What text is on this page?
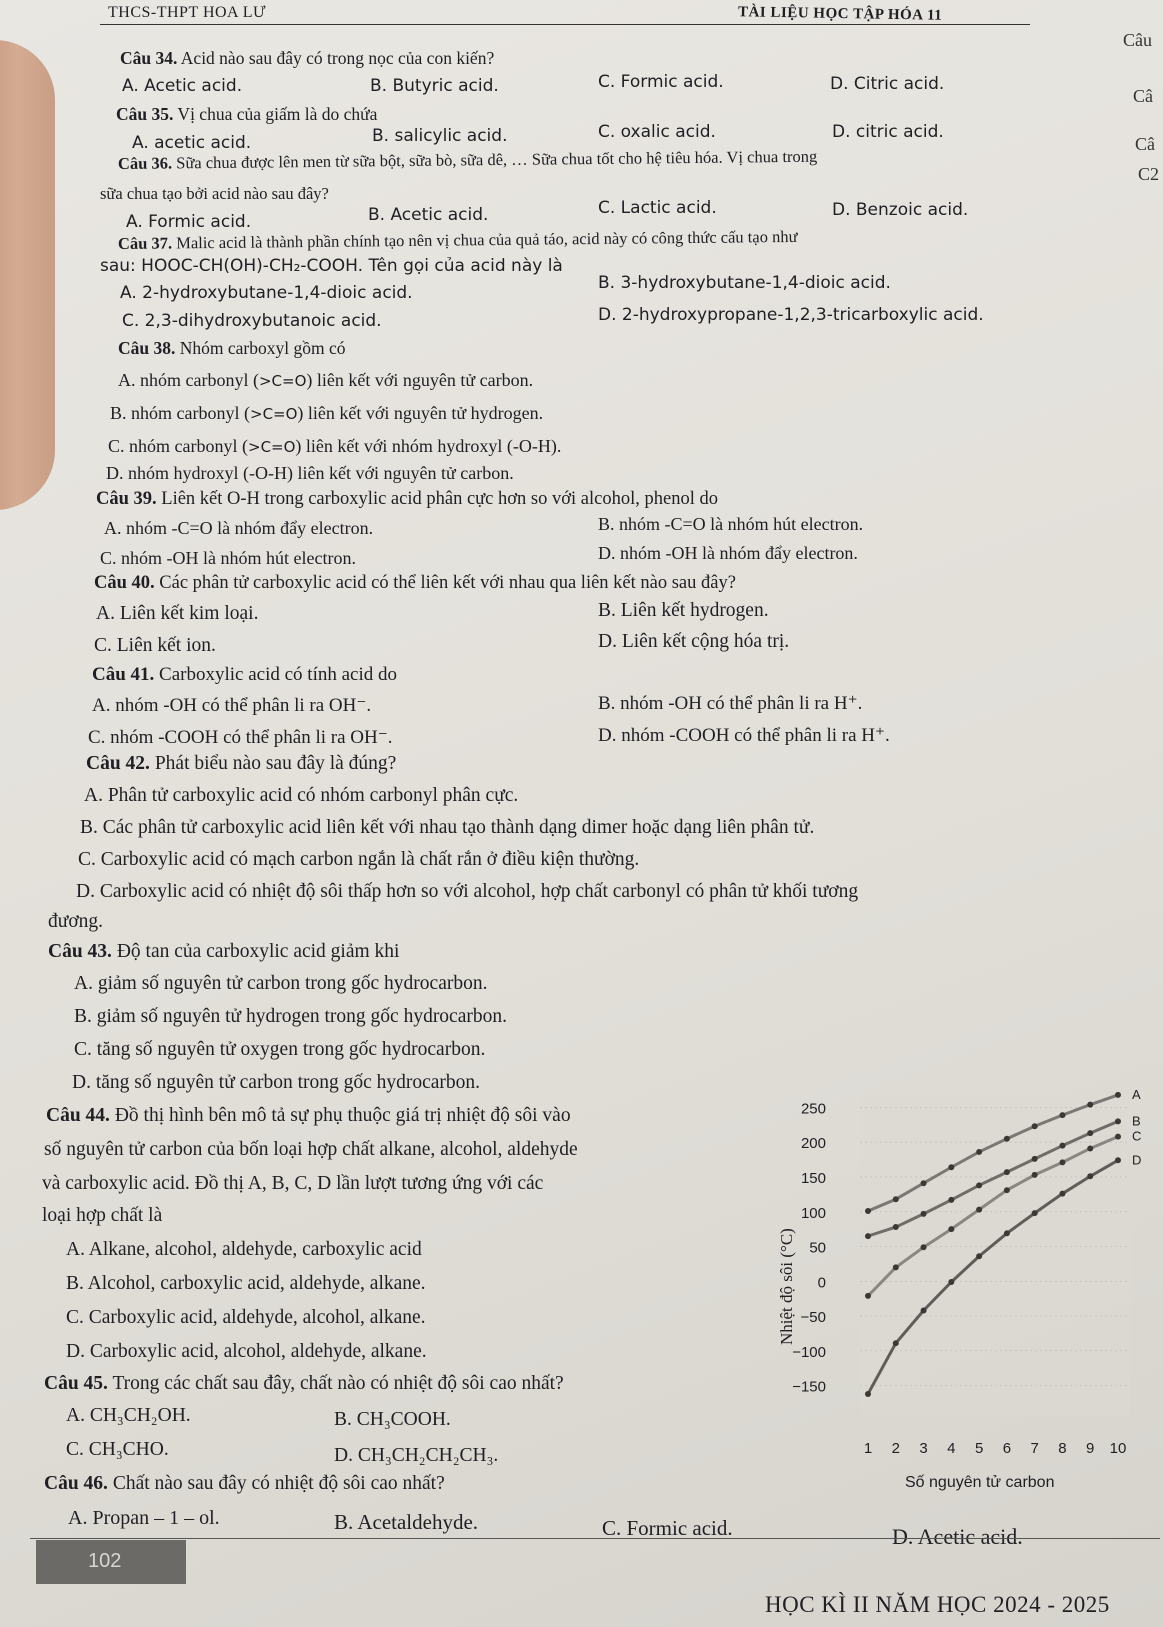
THCS-THPT HOA LƯ	TÀI LIỆU HỌC TẬP HÓA 11
Câu
Câ
Câ
C2
Câu 34. Acid nào sau đây có trong nọc của con kiến?
A. Acetic acid.	B. Butyric acid.	C. Formic acid.	D. Citric acid.
Câu 35. Vị chua của giấm là do chứa
A. acetic acid.	B. salicylic acid.	C. oxalic acid.	D. citric acid.
Câu 36. Sữa chua được lên men từ sữa bột, sữa bò, sữa dê, … Sữa chua tốt cho hệ tiêu hóa. Vị chua trong
sữa chua tạo bởi acid nào sau đây?
A. Formic acid.	B. Acetic acid.	C. Lactic acid.	D. Benzoic acid.
Câu 37. Malic acid là thành phần chính tạo nên vị chua của quả táo, acid này có công thức cấu tạo như
sau: HOOC-CH(OH)-CH₂-COOH. Tên gọi của acid này là
A. 2-hydroxybutane-1,4-dioic acid.	B. 3-hydroxybutane-1,4-dioic acid.
C. 2,3-dihydroxybutanoic acid.	D. 2-hydroxypropane-1,2,3-tricarboxylic acid.
Câu 38. Nhóm carboxyl gồm có
A. nhóm carbonyl (>C=O) liên kết với nguyên tử carbon.
B. nhóm carbonyl (>C=O) liên kết với nguyên tử hydrogen.
C. nhóm carbonyl (>C=O) liên kết với nhóm hydroxyl (-O-H).
D. nhóm hydroxyl (-O-H) liên kết với nguyên tử carbon.
Câu 39. Liên kết O-H trong carboxylic acid phân cực hơn so với alcohol, phenol do
A. nhóm -C=O là nhóm đẩy electron.	B. nhóm -C=O là nhóm hút electron.
C. nhóm -OH là nhóm hút electron.	D. nhóm -OH là nhóm đẩy electron.
Câu 40. Các phân tử carboxylic acid có thể liên kết với nhau qua liên kết nào sau đây?
A. Liên kết kim loại.	B. Liên kết hydrogen.
C. Liên kết ion.	D. Liên kết cộng hóa trị.
Câu 41. Carboxylic acid có tính acid do
A. nhóm -OH có thể phân li ra OH⁻.	B. nhóm -OH có thể phân li ra H⁺.
C. nhóm -COOH có thể phân li ra OH⁻.	D. nhóm -COOH có thể phân li ra H⁺.
Câu 42. Phát biểu nào sau đây là đúng?
A. Phân tử carboxylic acid có nhóm carbonyl phân cực.
B. Các phân tử carboxylic acid liên kết với nhau tạo thành dạng dimer hoặc dạng liên phân tử.
C. Carboxylic acid có mạch carbon ngắn là chất rắn ở điều kiện thường.
D. Carboxylic acid có nhiệt độ sôi thấp hơn so với alcohol, hợp chất carbonyl có phân tử khối tương
đương.
Câu 43. Độ tan của carboxylic acid giảm khi
A. giảm số nguyên tử carbon trong gốc hydrocarbon.
B. giảm số nguyên tử hydrogen trong gốc hydrocarbon.
C. tăng số nguyên tử oxygen trong gốc hydrocarbon.
D. tăng số nguyên tử carbon trong gốc hydrocarbon.
Câu 44. Đồ thị hình bên mô tả sự phụ thuộc giá trị nhiệt độ sôi vào
số nguyên tử carbon của bốn loại hợp chất alkane, alcohol, aldehyde
và carboxylic acid. Đồ thị A, B, C, D lần lượt tương ứng với các
loại hợp chất là
A. Alkane, alcohol, aldehyde, carboxylic acid
B. Alcohol, carboxylic acid, aldehyde, alkane.
C. Carboxylic acid, aldehyde, alcohol, alkane.
D. Carboxylic acid, alcohol, aldehyde, alkane.
Câu 45. Trong các chất sau đây, chất nào có nhiệt độ sôi cao nhất?
A. CH₃CH₂OH.	B. CH₃COOH.
C. CH₃CHO.	D. CH₃CH₂CH₂CH₃.
Câu 46. Chất nào sau đây có nhiệt độ sôi cao nhất?
A. Propan – 1 – ol.	B. Acetaldehyde.	C. Formic acid.	D. Acetic acid.
250
200
150
100
50
0
−50
−100
−150
1 2 3 4 5 6 7 8 9 10
A
B
C
D
Nhiệt độ sôi (°C)
Số nguyên tử carbon
102
HỌC KÌ II NĂM HỌC 2024 - 2025
